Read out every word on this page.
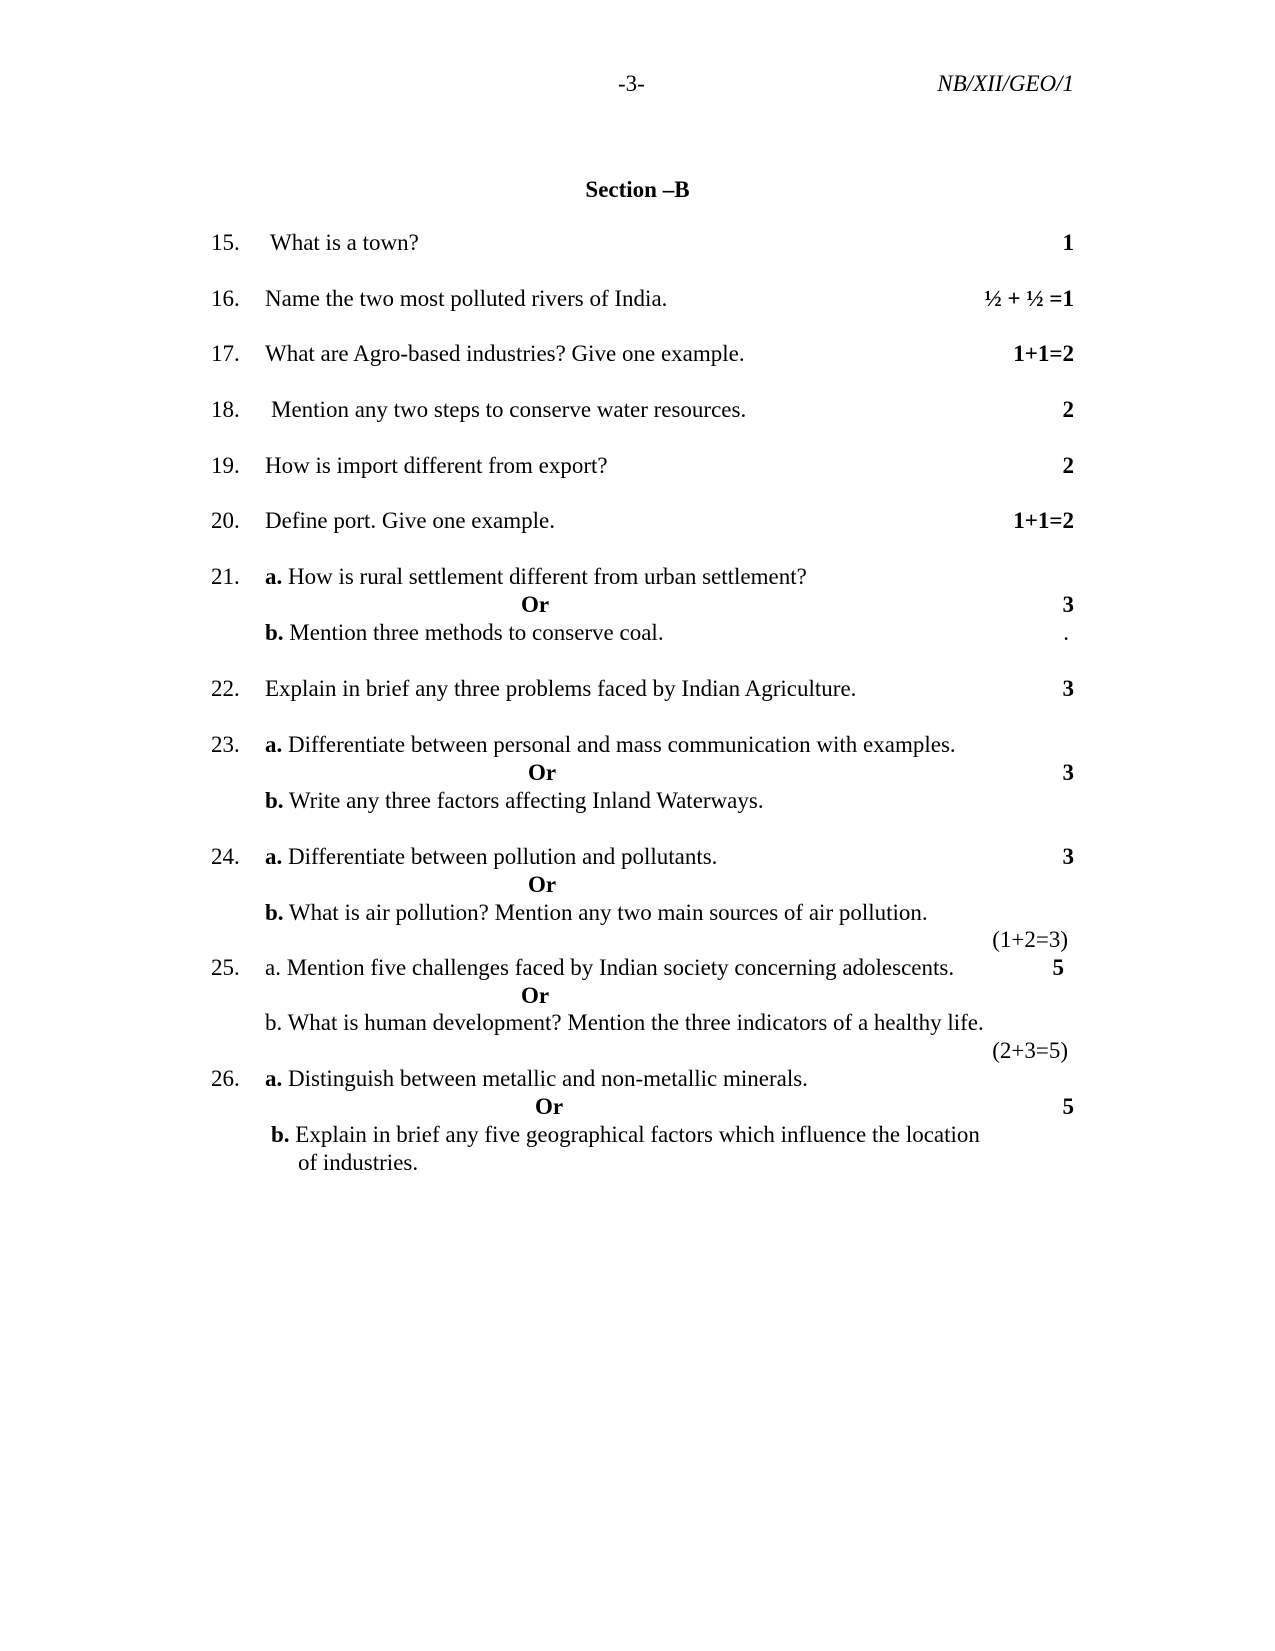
-3-	NB/XII/GEO/1
Section –B
15. What is a town?	1
16. Name the two most polluted rivers of India.	½ + ½ =1
17. What are Agro-based industries? Give one example.	1+1=2
18. Mention any two steps to conserve water resources.	2
19. How is import different from export?	2
20. Define port. Give one example.	1+1=2
21. a. How is rural settlement different from urban settlement?
Or	3
b. Mention three methods to conserve coal.	.
22. Explain in brief any three problems faced by Indian Agriculture.	3
23. a. Differentiate between personal and mass communication with examples.
Or	3
b. Write any three factors affecting Inland Waterways.
24. a. Differentiate between pollution and pollutants.	3
Or
b. What is air pollution? Mention any two main sources of air pollution.
(1+2=3)
25. a. Mention five challenges faced by Indian society concerning adolescents.	5
Or
b. What is human development? Mention the three indicators of a healthy life.
(2+3=5)
26. a. Distinguish between metallic and non-metallic minerals.
Or	5
b. Explain in brief any five geographical factors which influence the location
of industries.
